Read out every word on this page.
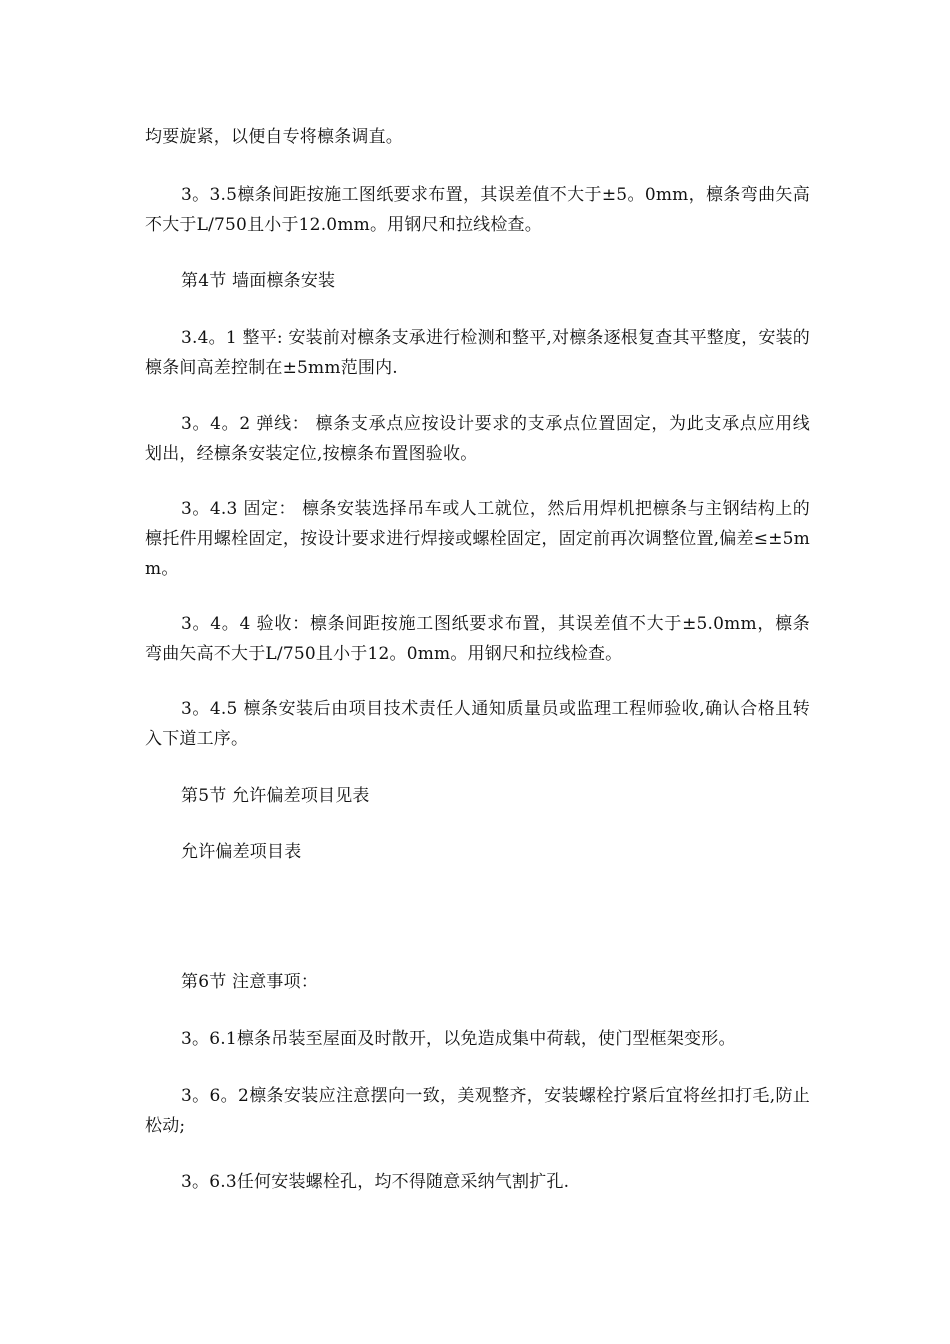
均要旋紧，以便自专将檩条调直。

3。3.5檩条间距按施工图纸要求布置，其误差值不大于±5。0mm，檩条弯曲矢高不大于L/750且小于12.0mm。用钢尺和拉线检查。

第4节 墙面檩条安装

3.4。1 整平: 安装前对檩条支承进行检测和整平,对檩条逐根复查其平整度，安装的檩条间高差控制在±5mm范围内.

3。4。2 弹线： 檩条支承点应按设计要求的支承点位置固定，为此支承点应用线划出，经檩条安装定位,按檩条布置图验收。

3。4.3 固定： 檩条安装选择吊车或人工就位，然后用焊机把檩条与主钢结构上的檩托件用螺栓固定，按设计要求进行焊接或螺栓固定，固定前再次调整位置,偏差≤±5mm。

3。4。4 验收：檩条间距按施工图纸要求布置，其误差值不大于±5.0mm，檩条弯曲矢高不大于L/750且小于12。0mm。用钢尺和拉线检查。

3。4.5 檩条安装后由项目技术责任人通知质量员或监理工程师验收,确认合格且转入下道工序。

第5节 允许偏差项目见表

允许偏差项目表

第6节 注意事项：

3。6.1檩条吊装至屋面及时散开，以免造成集中荷载，使门型框架变形。

3。6。2檩条安装应注意摆向一致，美观整齐，安装螺栓拧紧后宜将丝扣打毛,防止松动;

3。6.3任何安装螺栓孔，均不得随意采纳气割扩孔.
